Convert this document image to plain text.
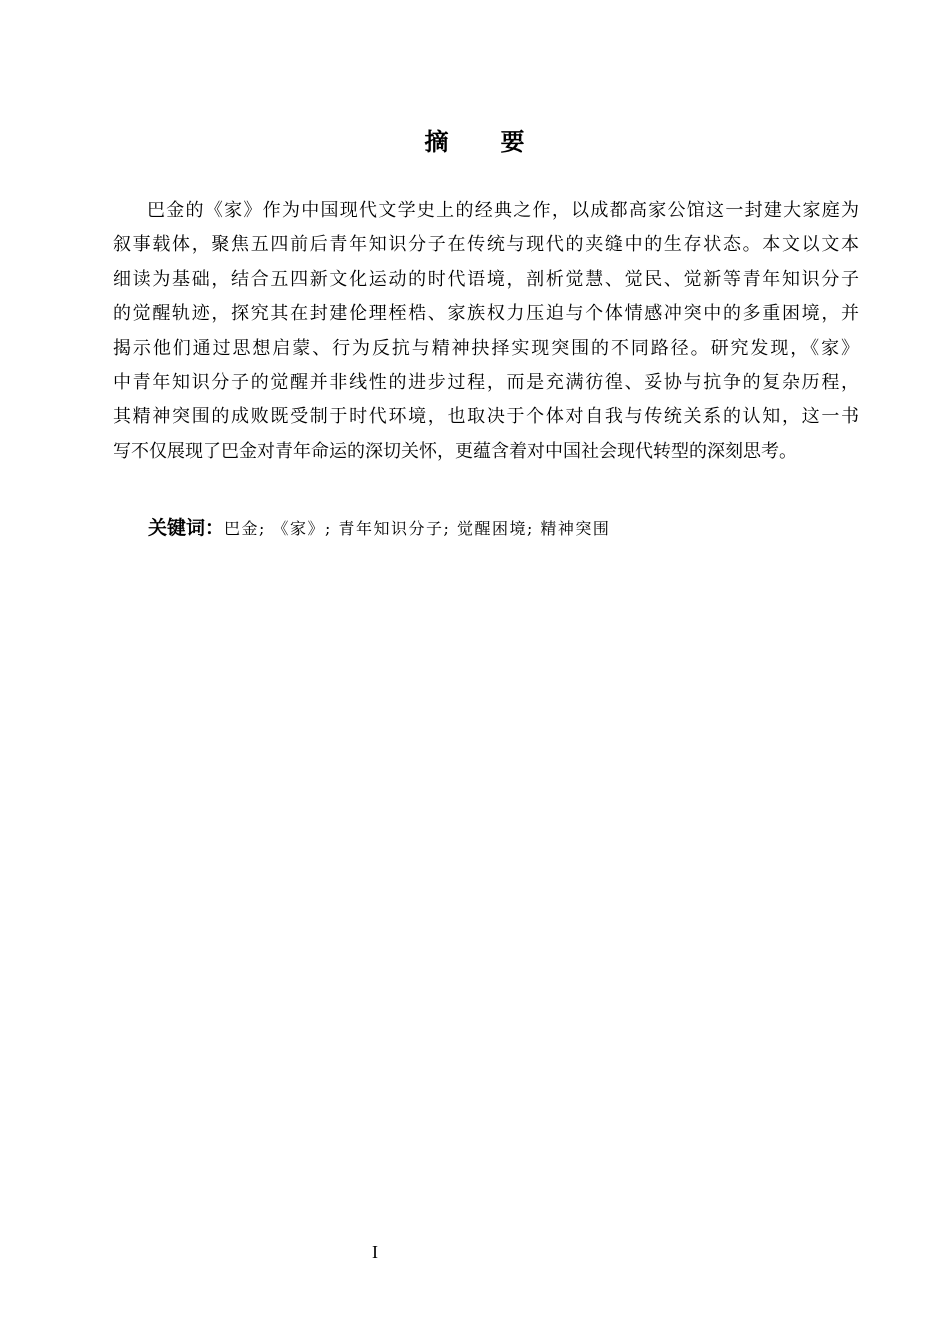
摘　要
巴金的《家》作为中国现代文学史上的经典之作，以成都高家公馆这一封建大家庭为
叙事载体，聚焦五四前后青年知识分子在传统与现代的夹缝中的生存状态。本文以文本
细读为基础，结合五四新文化运动的时代语境，剖析觉慧、觉民、觉新等青年知识分子
的觉醒轨迹，探究其在封建伦理桎梏、家族权力压迫与个体情感冲突中的多重困境，并
揭示他们通过思想启蒙、行为反抗与精神抉择实现突围的不同路径。研究发现，《家》
中青年知识分子的觉醒并非线性的进步过程，而是充满彷徨、妥协与抗争的复杂历程，
其精神突围的成败既受制于时代环境，也取决于个体对自我与传统关系的认知，这一书
写不仅展现了巴金对青年命运的深切关怀，更蕴含着对中国社会现代转型的深刻思考。
关键词：巴金; 《家》; 青年知识分子; 觉醒困境; 精神突围
I
